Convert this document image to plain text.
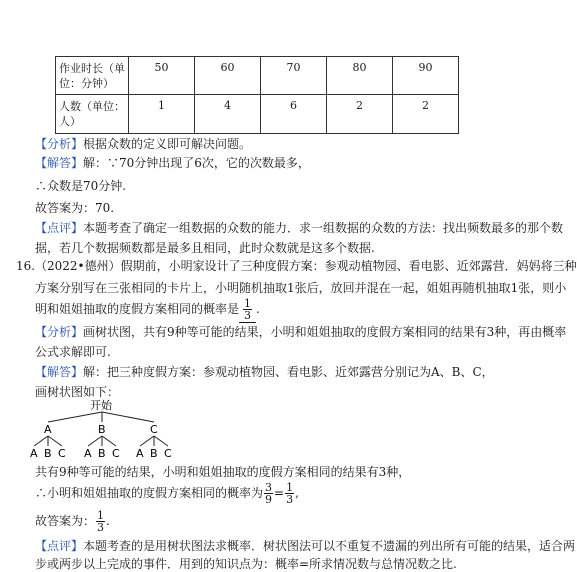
作业时长（单位：分钟）	50	60	70	80	90
人数（单位：人）	1	4	6	2	2
【分析】根据众数的定义即可解决问题。
【解答】解：∵70分钟出现了6次，它的次数最多，
∴众数是70分钟.
故答案为：70.
【点评】本题考查了确定一组数据的众数的能力．求一组数据的众数的方法：找出频数最多的那个数
据，若几个数据频数都是最多且相同，此时众数就是这多个数据.
16. （2022•德州）假期前，小明家设计了三种度假方案：参观动植物园、看电影、近郊露营．妈妈将三种
方案分别写在三张相同的卡片上，小明随机抽取1张后，放回并混在一起，姐姐再随机抽取1张，则小
明和姐姐抽取的度假方案相同的概率是 $\frac{1}{3}$ .
【分析】画树状图，共有9种等可能的结果，小明和姐姐抽取的度假方案相同的结果有3种，再由概率
公式求解即可.
【解答】解：把三种度假方案：参观动植物园、看电影、近郊露营分别记为A、B、C，
画树状图如下：
开始
A	B	C
A B C A B C A B C
共有9种等可能的结果，小明和姐姐抽取的度假方案相同的结果有3种，
∴小明和姐姐抽取的度假方案相同的概率为 $\frac{3}{9} = \frac{1}{3}$ ,
故答案为： $\frac{1}{3}$ .
【点评】本题考查的是用树状图法求概率．树状图法可以不重复不遗漏的列出所有可能的结果，适合两
步或两步以上完成的事件．用到的知识点为：概率=所求情况数与总情况数之比.
